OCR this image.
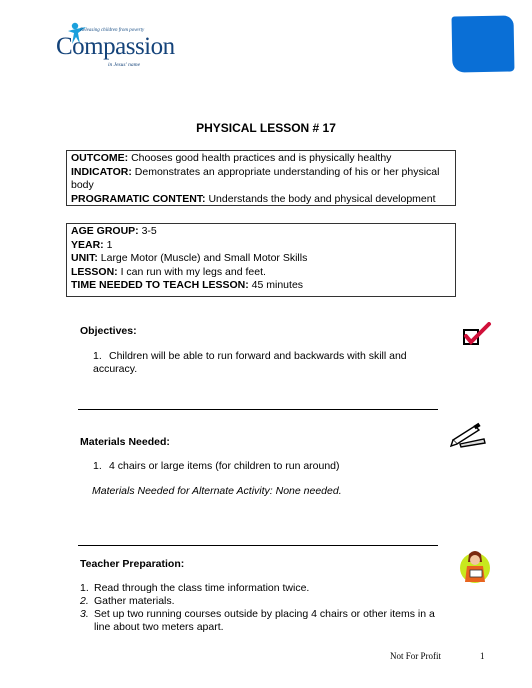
Releasing children from poverty
Compassion
in Jesus' name
PHYSICAL LESSON # 17
OUTCOME: Chooses good health practices and is physically healthy
INDICATOR: Demonstrates an appropriate understanding of his or her physical body
PROGRAMATIC CONTENT: Understands the body and physical development
AGE GROUP: 3-5
YEAR: 1
UNIT: Large Motor (Muscle) and Small Motor Skills
LESSON: I can run with my legs and feet.
TIME NEEDED TO TEACH LESSON: 45 minutes
Objectives:
1. Children will be able to run forward and backwards with skill and accuracy.
Materials Needed:
1. 4 chairs or large items (for children to run around)
Materials Needed for Alternate Activity: None needed.
Teacher Preparation:
1. Read through the class time information twice.
2. Gather materials.
3. Set up two running courses outside by placing 4 chairs or other items in a line about two meters apart.
Not For Profit	1
